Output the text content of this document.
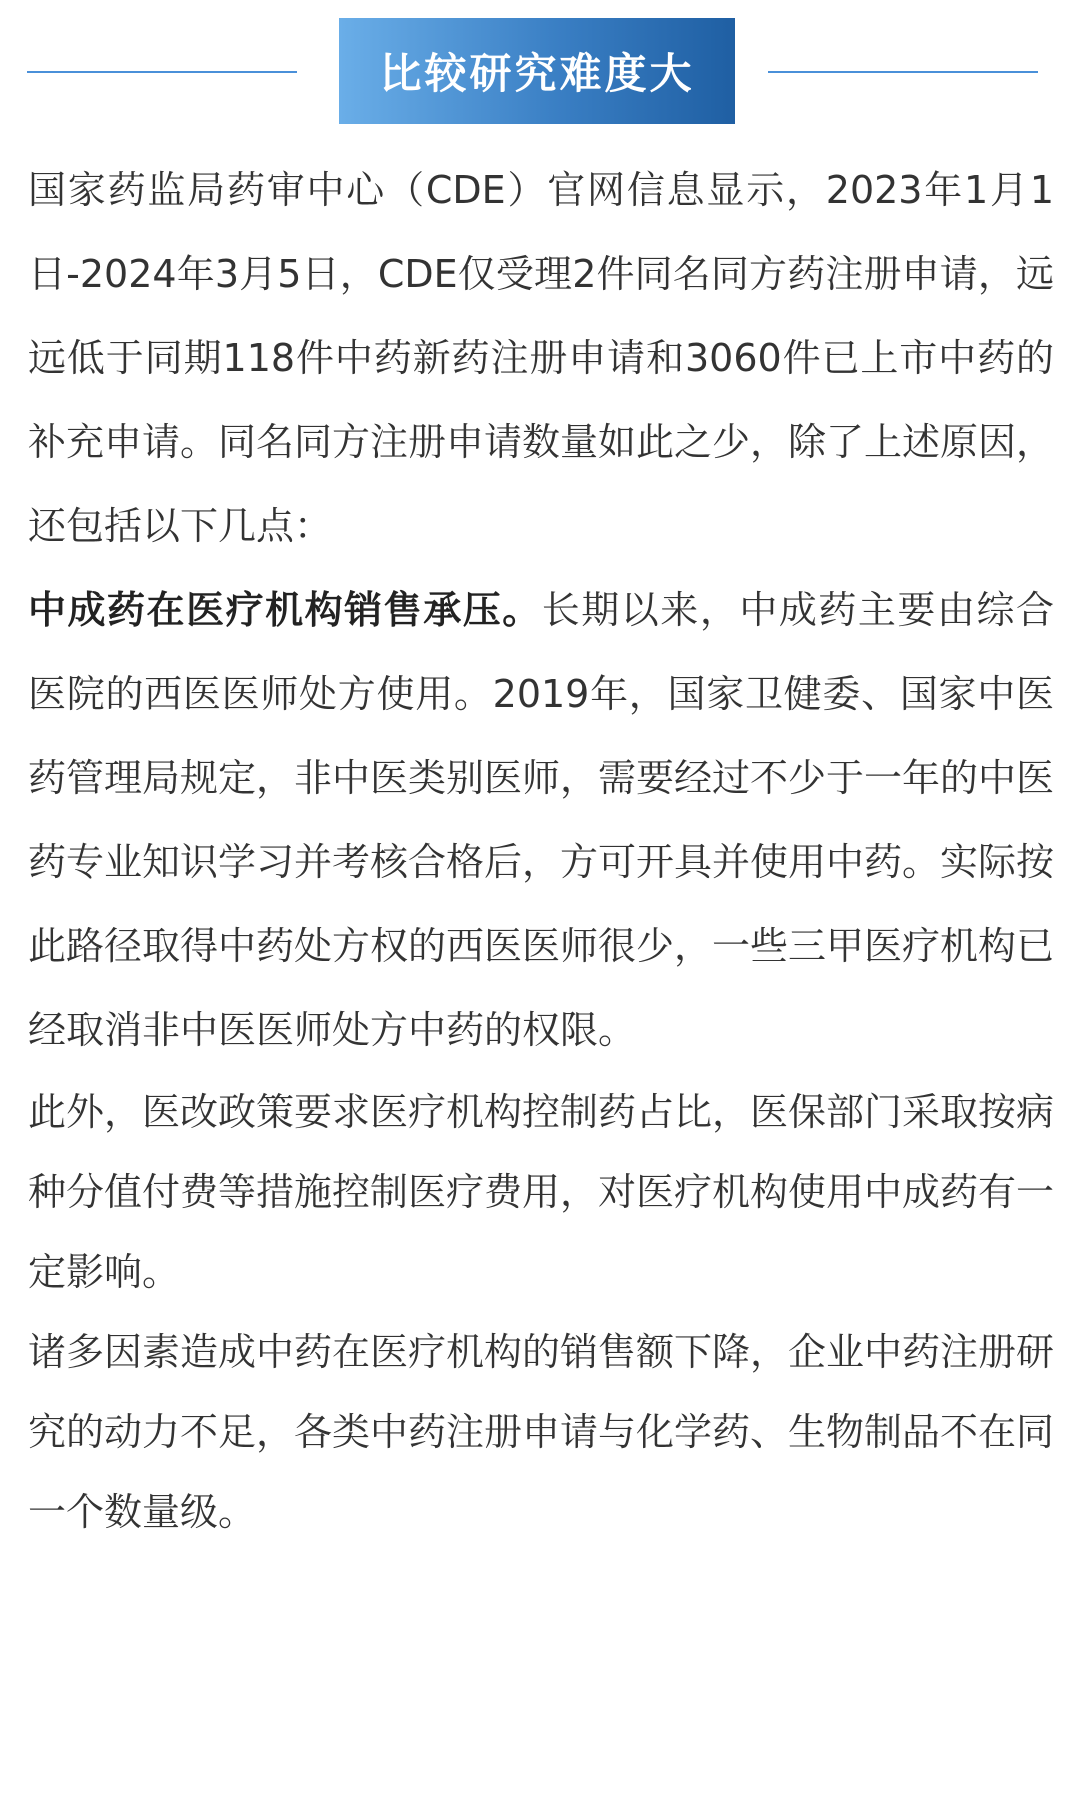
比较研究难度大

国家药监局药审中心（CDE）官网信息显示，2023年1月1日-2024年3月5日，CDE仅受理2件同名同方药注册申请，远远低于同期118件中药新药注册申请和3060件已上市中药的补充申请。同名同方注册申请数量如此之少，除了上述原因，还包括以下几点：

中成药在医疗机构销售承压。长期以来，中成药主要由综合医院的西医医师处方使用。2019年，国家卫健委、国家中医药管理局规定，非中医类别医师，需要经过不少于一年的中医药专业知识学习并考核合格后，方可开具并使用中药。实际按此路径取得中药处方权的西医医师很少，一些三甲医疗机构已经取消非中医医师处方中药的权限。

此外，医改政策要求医疗机构控制药占比，医保部门采取按病种分值付费等措施控制医疗费用，对医疗机构使用中成药有一定影响。

诸多因素造成中药在医疗机构的销售额下降，企业中药注册研究的动力不足，各类中药注册申请与化学药、生物制品不在同一个数量级。
